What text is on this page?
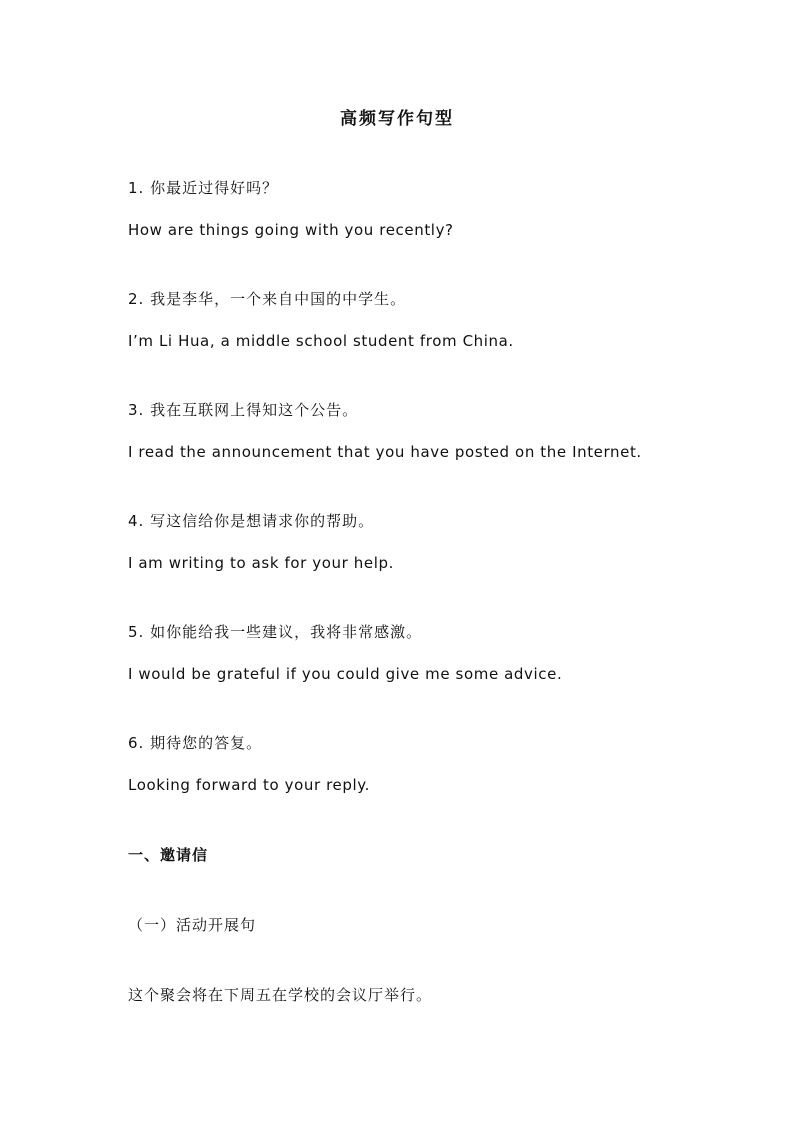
高频写作句型

1. 你最近过得好吗？

How are things going with you recently?

2. 我是李华，一个来自中国的中学生。

I’m Li Hua, a middle school student from China.

3. 我在互联网上得知这个公告。

I read the announcement that you have posted on the Internet.

4. 写这信给你是想请求你的帮助。

I am writing to ask for your help.

5. 如你能给我一些建议，我将非常感激。

I would be grateful if you could give me some advice.

6. 期待您的答复。

Looking forward to your reply.

一、邀请信

（一）活动开展句

这个聚会将在下周五在学校的会议厅举行。
